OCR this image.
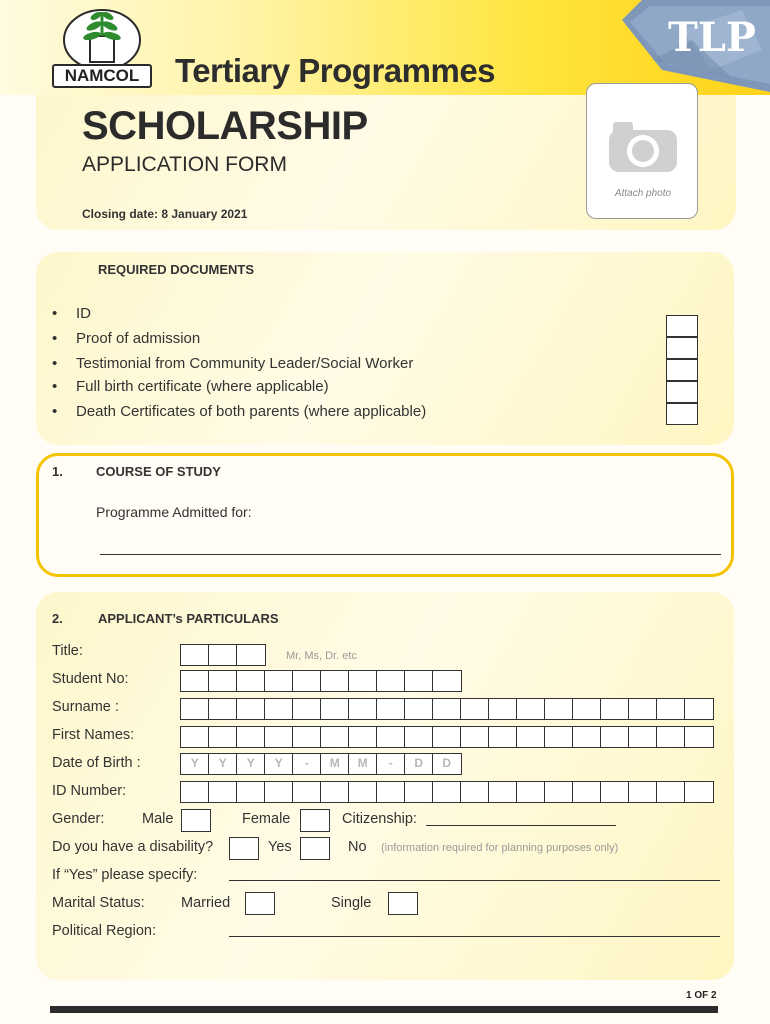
NAMCOL	Tertiary Programmes
TLP
SCHOLARSHIP
APPLICATION FORM
Closing date: 8 January 2021
Attach photo
REQUIRED DOCUMENTS
• ID
• Proof of admission
• Testimonial from Community Leader/Social Worker
• Full birth certificate (where applicable)
• Death Certificates of both parents (where applicable)
1.	COURSE OF STUDY
Programme Admitted for:
2.	APPLICANT’s PARTICULARS
Title:	Mr, Ms, Dr. etc
Student No:
Surname :
First Names:
Date of Birth :	Y	Y	Y	Y	-	M	M	-	D	D
ID Number:
Gender:	Male	Female	Citizenship:
Do you have a disability?	Yes	No (information required for planning purposes only)
If “Yes” please specify:
Marital Status:	Married	Single
Political Region:
1 OF 2
